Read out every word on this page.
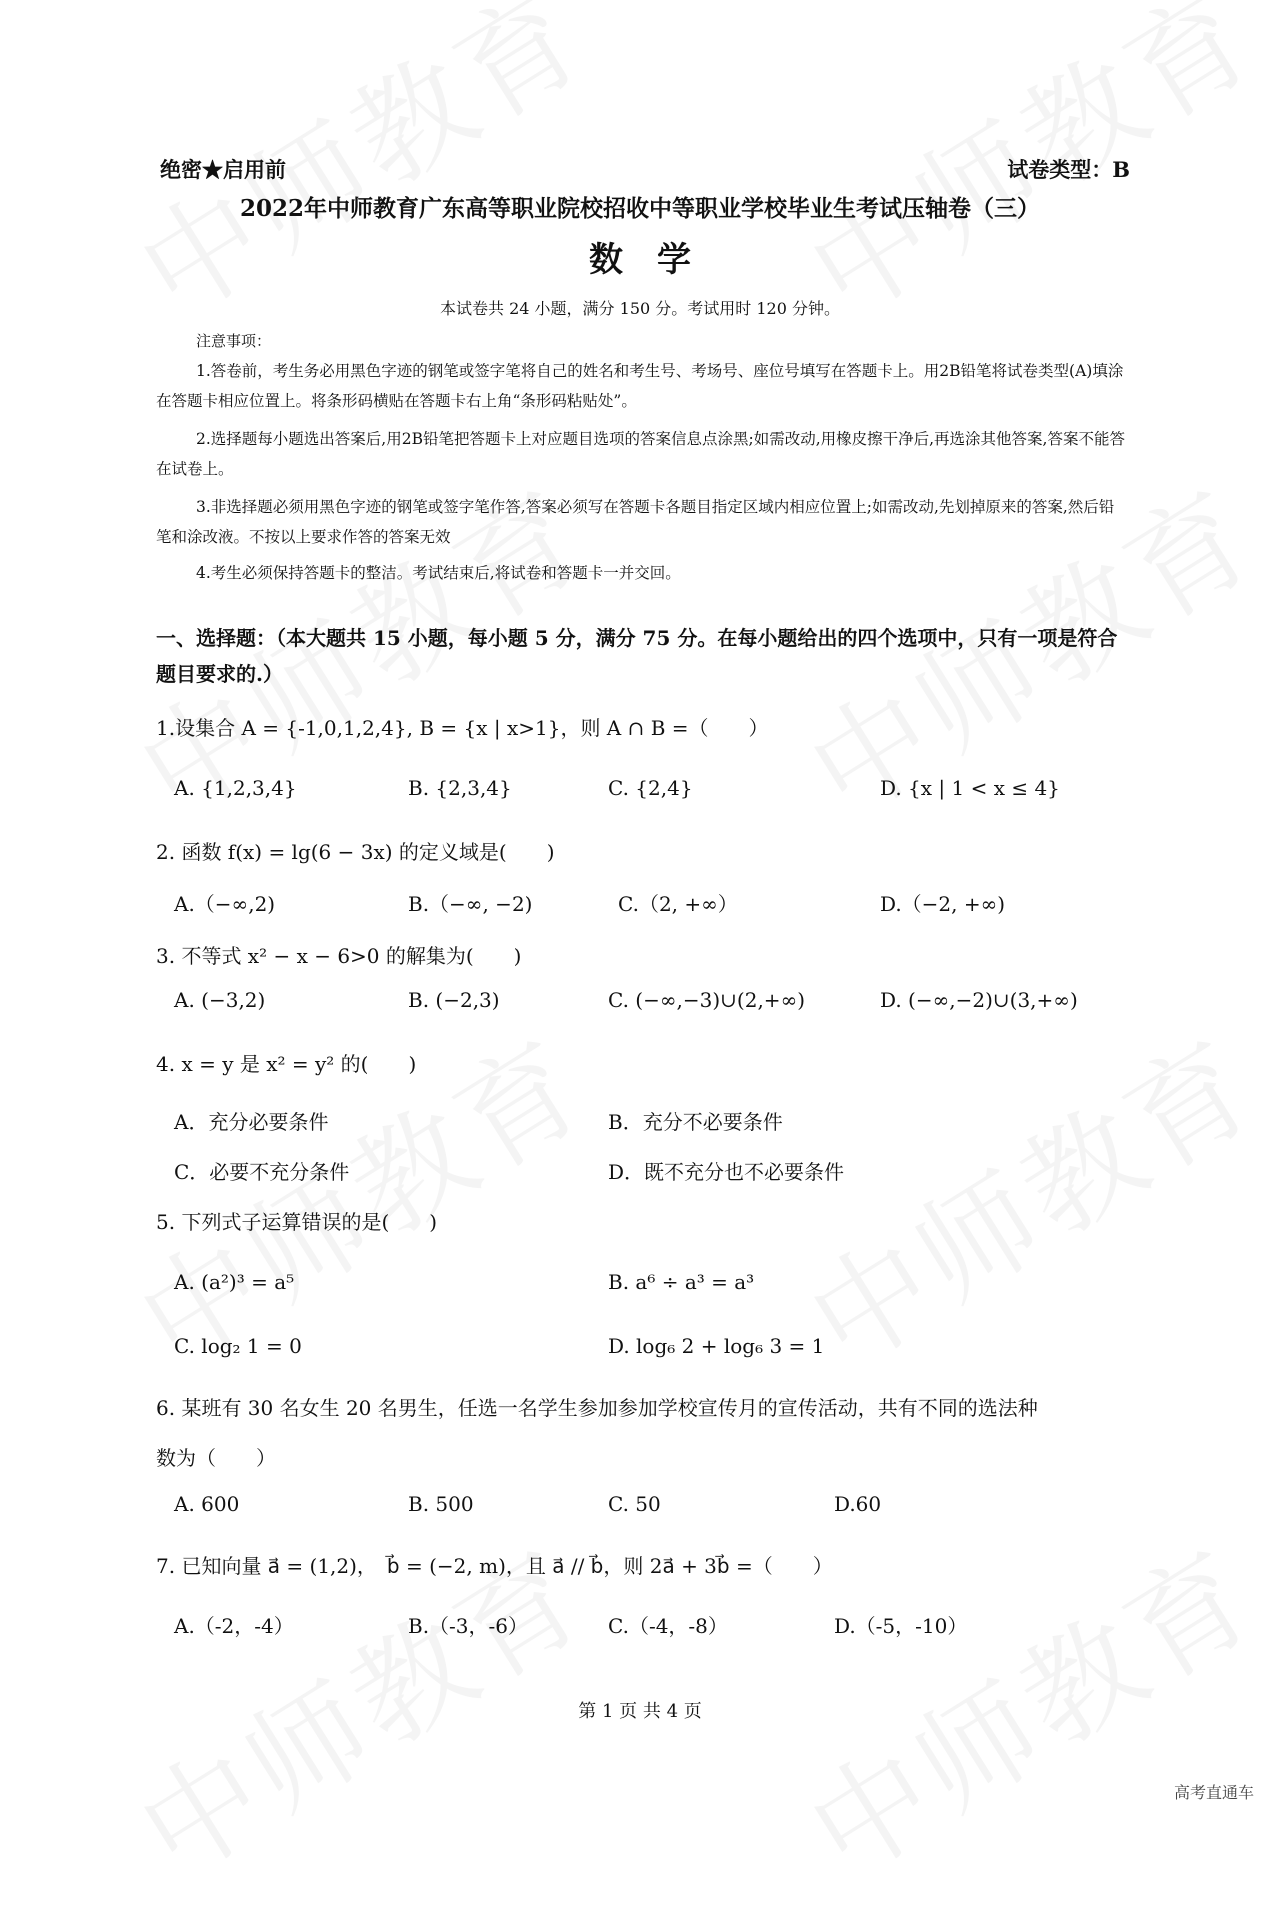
绝密★启用前	试卷类型：B
2022年中师教育广东高等职业院校招收中等职业学校毕业生考试压轴卷（三）
数学
本试卷共 24 小题，满分 150 分。考试用时 120 分钟。
注意事项：
1.答卷前，考生务必用黑色字迹的钢笔或签字笔将自己的姓名和考生号、考场号、座位号填写在答题卡上。用2B铅笔将试卷类型(A)填涂在答题卡相应位置上。将条形码横贴在答题卡右上角“条形码粘贴处”。
2.选择题每小题选出答案后,用2B铅笔把答题卡上对应题目选项的答案信息点涂黑;如需改动,用橡皮擦干净后,再选涂其他答案,答案不能答在试卷上。
3.非选择题必须用黑色字迹的钢笔或签字笔作答,答案必须写在答题卡各题目指定区域内相应位置上;如需改动,先划掉原来的答案,然后铅笔和涂改液。不按以上要求作答的答案无效
4.考生必须保持答题卡的整洁。考试结束后,将试卷和答题卡一并交回。
一、选择题：（本大题共 15 小题，每小题 5 分，满分 75 分。在每小题给出的四个选项中，只有一项是符合题目要求的.）
1.设集合 A = {-1,0,1,2,4}, B = {x | x>1}，则 A ∩ B =（　　）
A. {1,2,3,4}	B. {2,3,4}	C. {2,4}	D. {x | 1 < x ≤ 4}
2. 函数 f(x) = lg(6 − 3x) 的定义域是(　　)
A.（−∞,2)	B.（−∞, −2)	C.（2, +∞）	D.（−2, +∞)
3. 不等式 x² − x − 6>0 的解集为(　　)
A. (−3,2)	B. (−2,3)	C. (−∞,−3)∪(2,+∞)	D. (−∞,−2)∪(3,+∞)
4. x = y 是 x² = y² 的(　　)
A．充分必要条件	B．充分不必要条件
C．必要不充分条件	D．既不充分也不必要条件
5. 下列式子运算错误的是(　　)
A. (a²)³ = a⁵	B. a⁶ ÷ a³ = a³
C. log₂ 1 = 0	D. log₆ 2 + log₆ 3 = 1
6. 某班有 30 名女生 20 名男生，任选一名学生参加参加学校宣传月的宣传活动，共有不同的选法种
数为（　　）
A. 600	B. 500	C. 50	D.60
7. 已知向量 a⃗ = (1,2)，　b⃗ = (−2, m)，且 a⃗ // b⃗，则 2a⃗ + 3b⃗ =（　　）
A.（-2，-4）	B.（-3，-6）	C.（-4，-8）	D.（-5，-10）
第 1 页 共 4 页
高考直通车
